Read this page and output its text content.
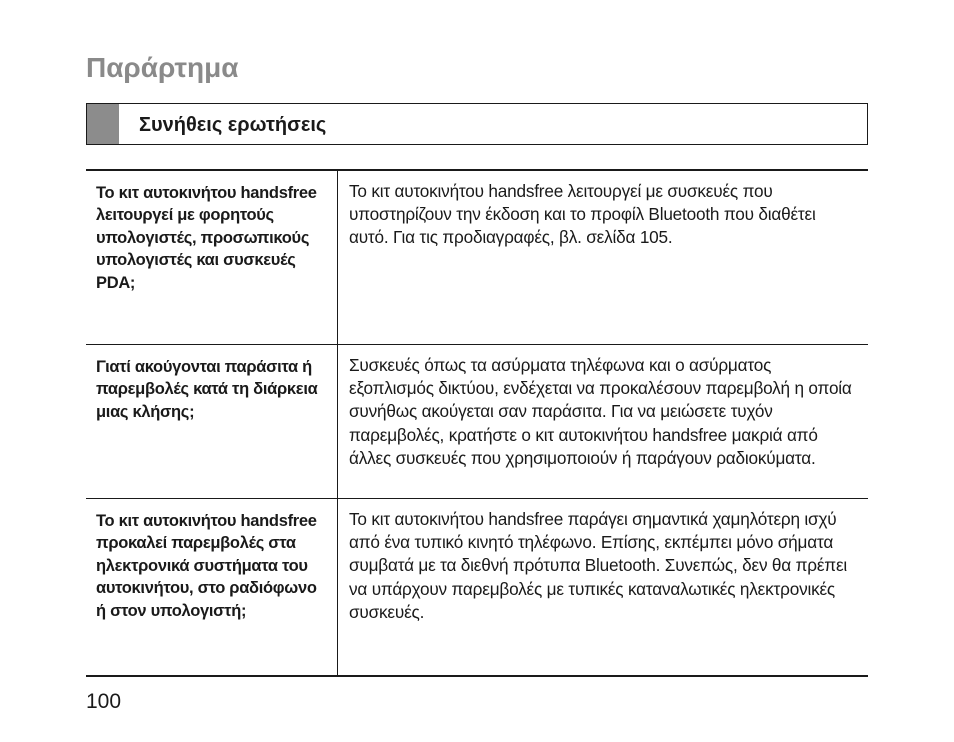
Παράρτημα
Συνήθεις ερωτήσεις
Το κιτ αυτοκινήτου handsfree λειτουργεί με φορητούς υπολογιστές, προσωπικούς υπολογιστές και συσκευές PDA;
Το κιτ αυτοκινήτου handsfree λειτουργεί με συσκευές που υποστηρίζουν την έκδοση και το προφίλ Bluetooth που διαθέτει αυτό. Για τις προδιαγραφές, βλ. σελίδα 105.
Γιατί ακούγονται παράσιτα ή παρεμβολές κατά τη διάρκεια μιας κλήσης;
Συσκευές όπως τα ασύρματα τηλέφωνα και ο ασύρματος εξοπλισμός δικτύου, ενδέχεται να προκαλέσουν παρεμβολή η οποία συνήθως ακούγεται σαν παράσιτα. Για να μειώσετε τυχόν παρεμβολές, κρατήστε ο κιτ αυτοκινήτου handsfree μακριά από άλλες συσκευές που χρησιμοποιούν ή παράγουν ραδιοκύματα.
Το κιτ αυτοκινήτου handsfree προκαλεί παρεμβολές στα ηλεκτρονικά συστήματα του αυτοκινήτου, στο ραδιόφωνο ή στον υπολογιστή;
Το κιτ αυτοκινήτου handsfree παράγει σημαντικά χαμηλότερη ισχύ από ένα τυπικό κινητό τηλέφωνο. Επίσης, εκπέμπει μόνο σήματα συμβατά με τα διεθνή πρότυπα Bluetooth. Συνεπώς, δεν θα πρέπει να υπάρχουν παρεμβολές με τυπικές καταναλωτικές ηλεκτρονικές συσκευές.
100
